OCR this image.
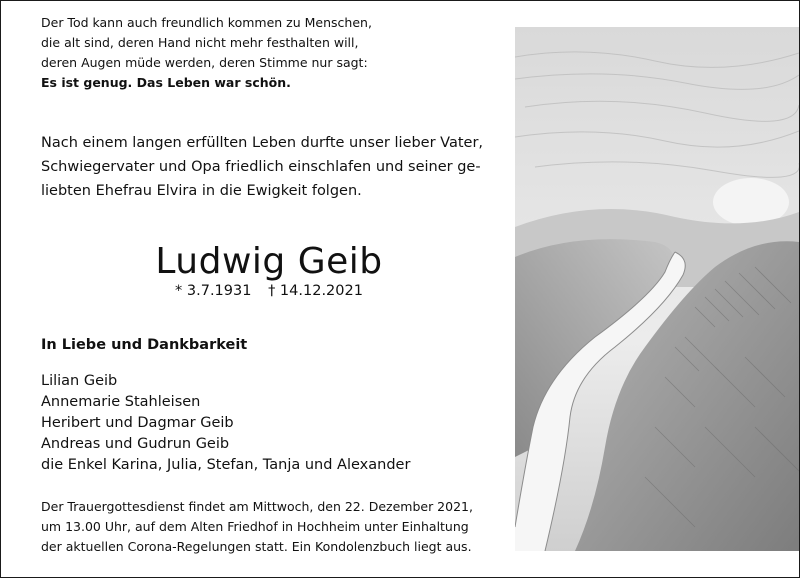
Der Tod kann auch freundlich kommen zu Menschen,
die alt sind, deren Hand nicht mehr festhalten will,
deren Augen müde werden, deren Stimme nur sagt:
Es ist genug. Das Leben war schön.
Nach einem langen erfüllten Leben durfte unser lieber Vater,
Schwiegervater und Opa friedlich einschlafen und seiner ge-
liebten Ehefrau Elvira in die Ewigkeit folgen.
Ludwig Geib
* 3.7.1931 † 14.12.2021
In Liebe und Dankbarkeit
Lilian Geib
Annemarie Stahleisen
Heribert und Dagmar Geib
Andreas und Gudrun Geib
die Enkel Karina, Julia, Stefan, Tanja und Alexander
Der Trauergottesdienst findet am Mittwoch, den 22. Dezember 2021,
um 13.00 Uhr, auf dem Alten Friedhof in Hochheim unter Einhaltung
der aktuellen Corona-Regelungen statt. Ein Kondolenzbuch liegt aus.
